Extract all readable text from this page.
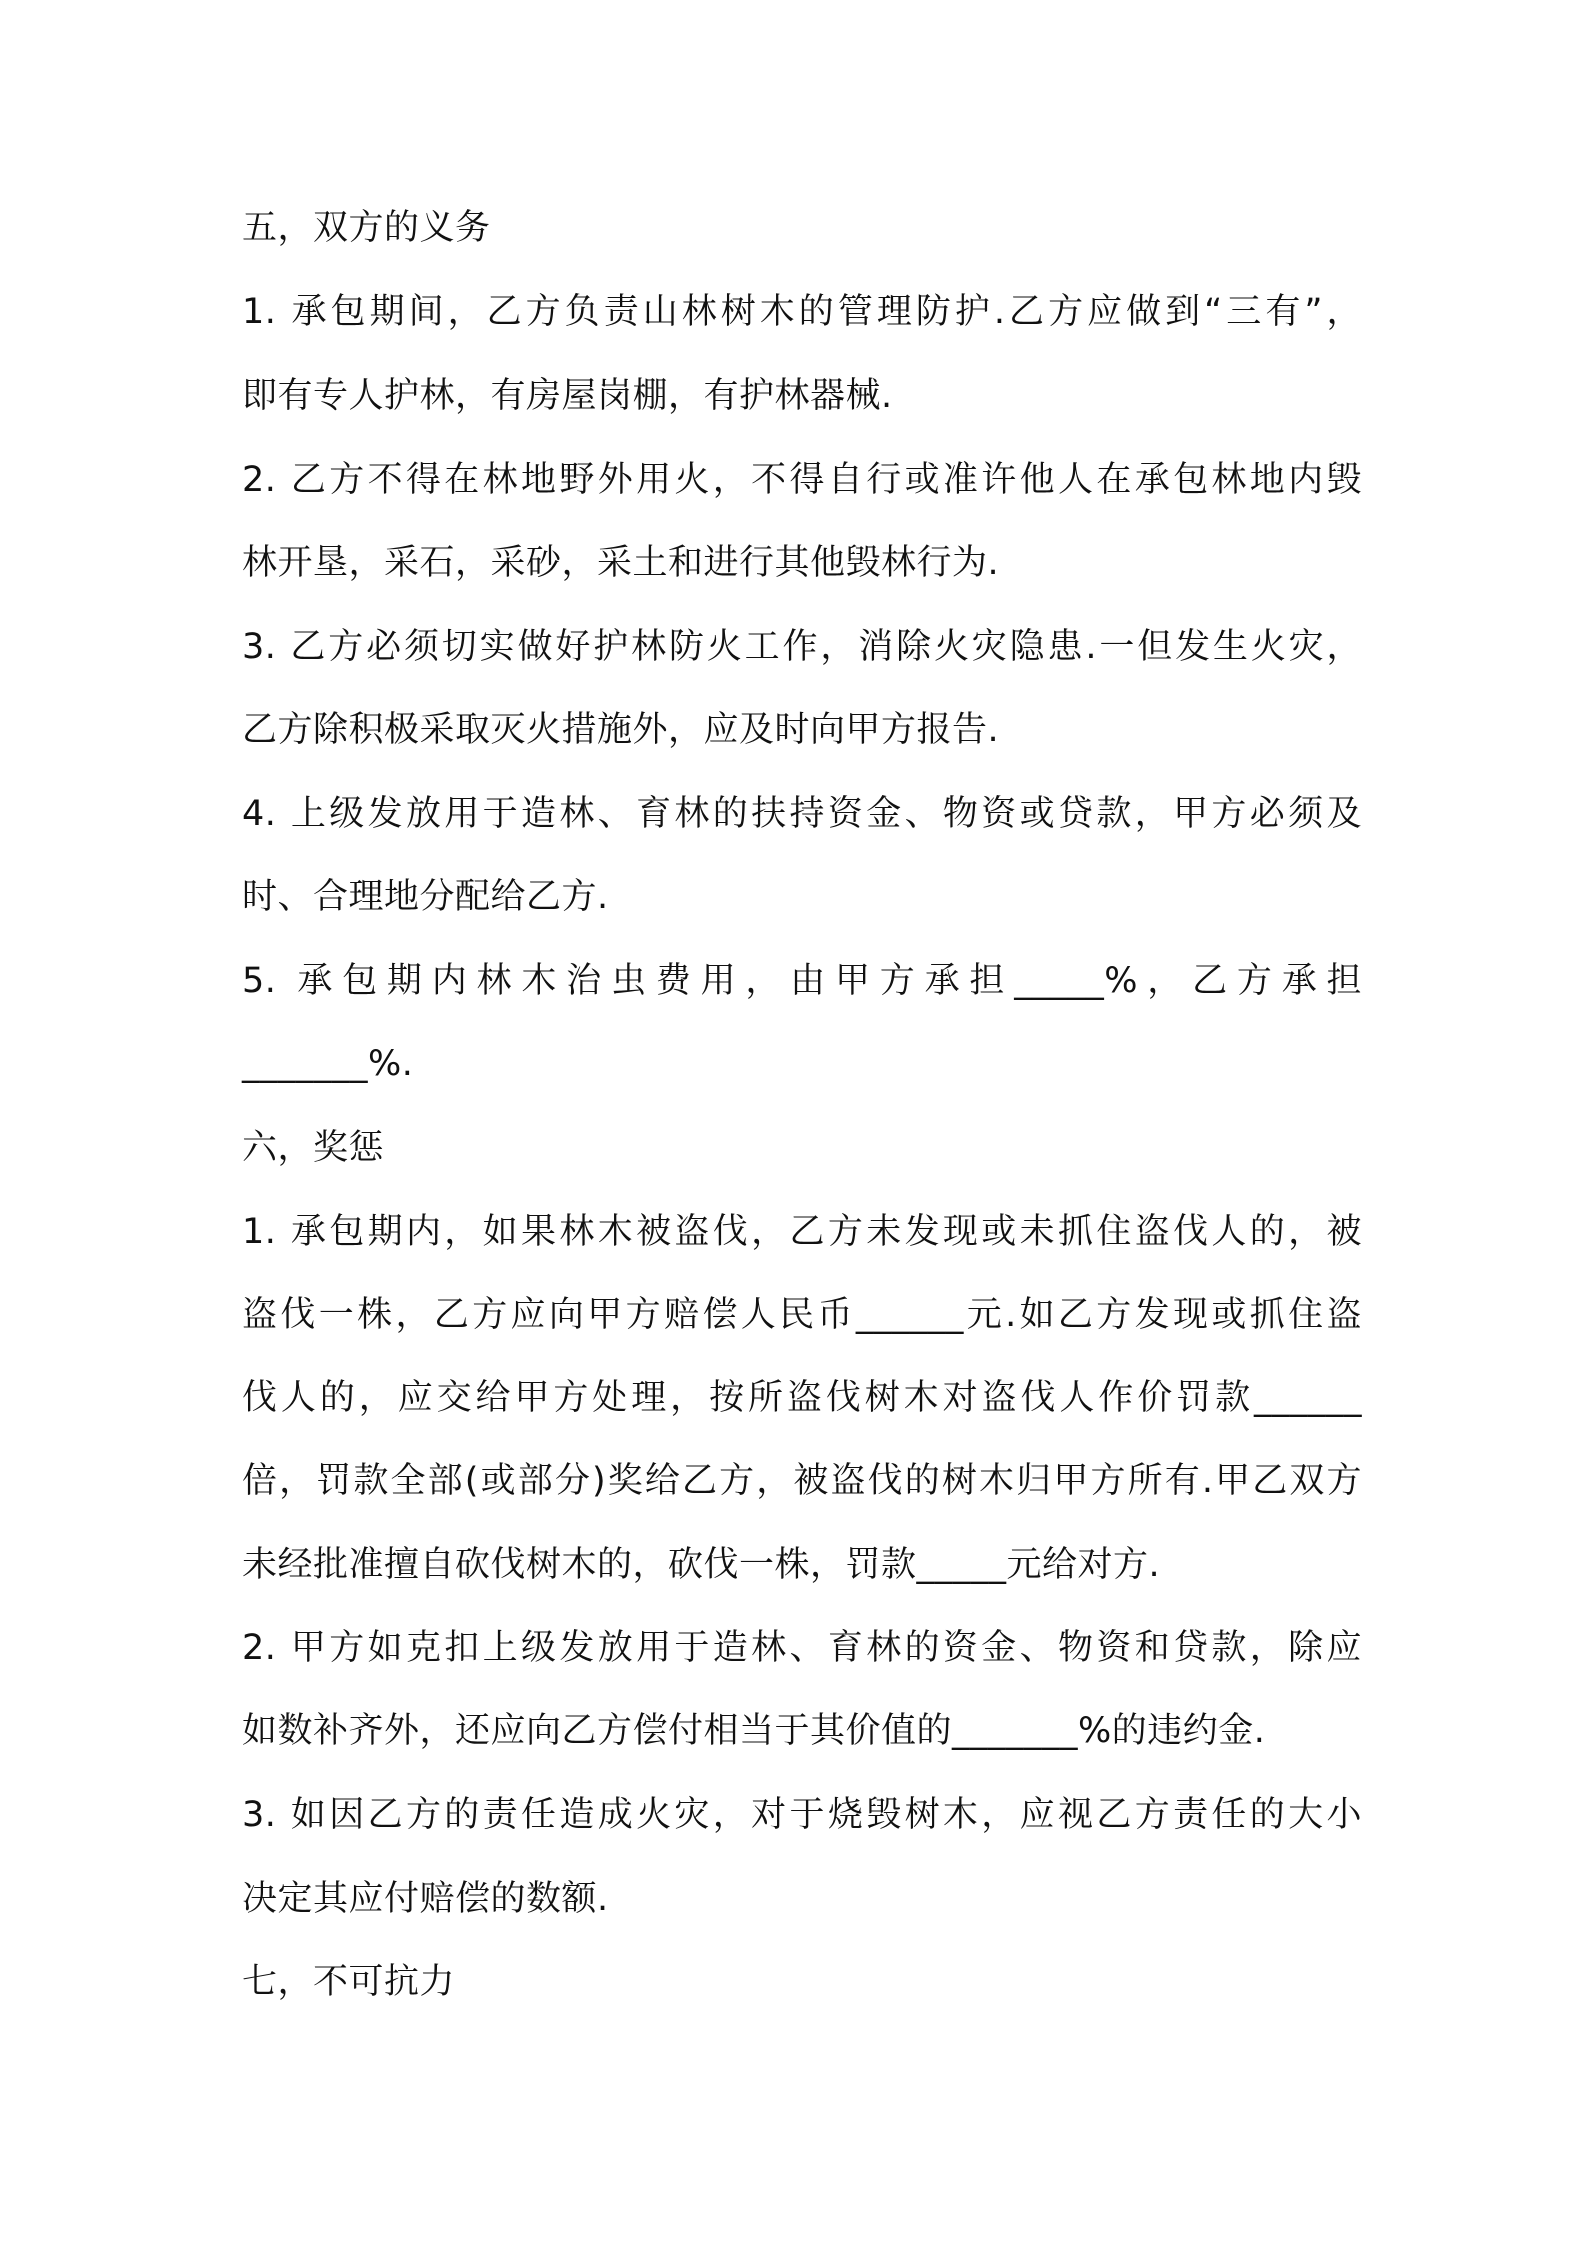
五，双方的义务
1. 承包期间，乙方负责山林树木的管理防护.乙方应做到“三有”，
即有专人护林，有房屋岗棚，有护林器械.
2. 乙方不得在林地野外用火，不得自行或准许他人在承包林地内毁
林开垦，采石，采砂，采土和进行其他毁林行为.
3. 乙方必须切实做好护林防火工作，消除火灾隐患.一但发生火灾，
乙方除积极采取灭火措施外，应及时向甲方报告.
4. 上级发放用于造林、育林的扶持资金、物资或贷款，甲方必须及
时、合理地分配给乙方.
5. 承包期内林木治虫费用，由甲方承担_____%，乙方承担
_______%.
六，奖惩
1. 承包期内，如果林木被盗伐，乙方未发现或未抓住盗伐人的，被
盗伐一株，乙方应向甲方赔偿人民币______元.如乙方发现或抓住盗
伐人的，应交给甲方处理，按所盗伐树木对盗伐人作价罚款______
倍，罚款全部(或部分)奖给乙方，被盗伐的树木归甲方所有.甲乙双方
未经批准擅自砍伐树木的，砍伐一株，罚款_____元给对方.
2. 甲方如克扣上级发放用于造林、育林的资金、物资和贷款，除应
如数补齐外，还应向乙方偿付相当于其价值的_______%的违约金.
3. 如因乙方的责任造成火灾，对于烧毁树木，应视乙方责任的大小
决定其应付赔偿的数额.
七，不可抗力
